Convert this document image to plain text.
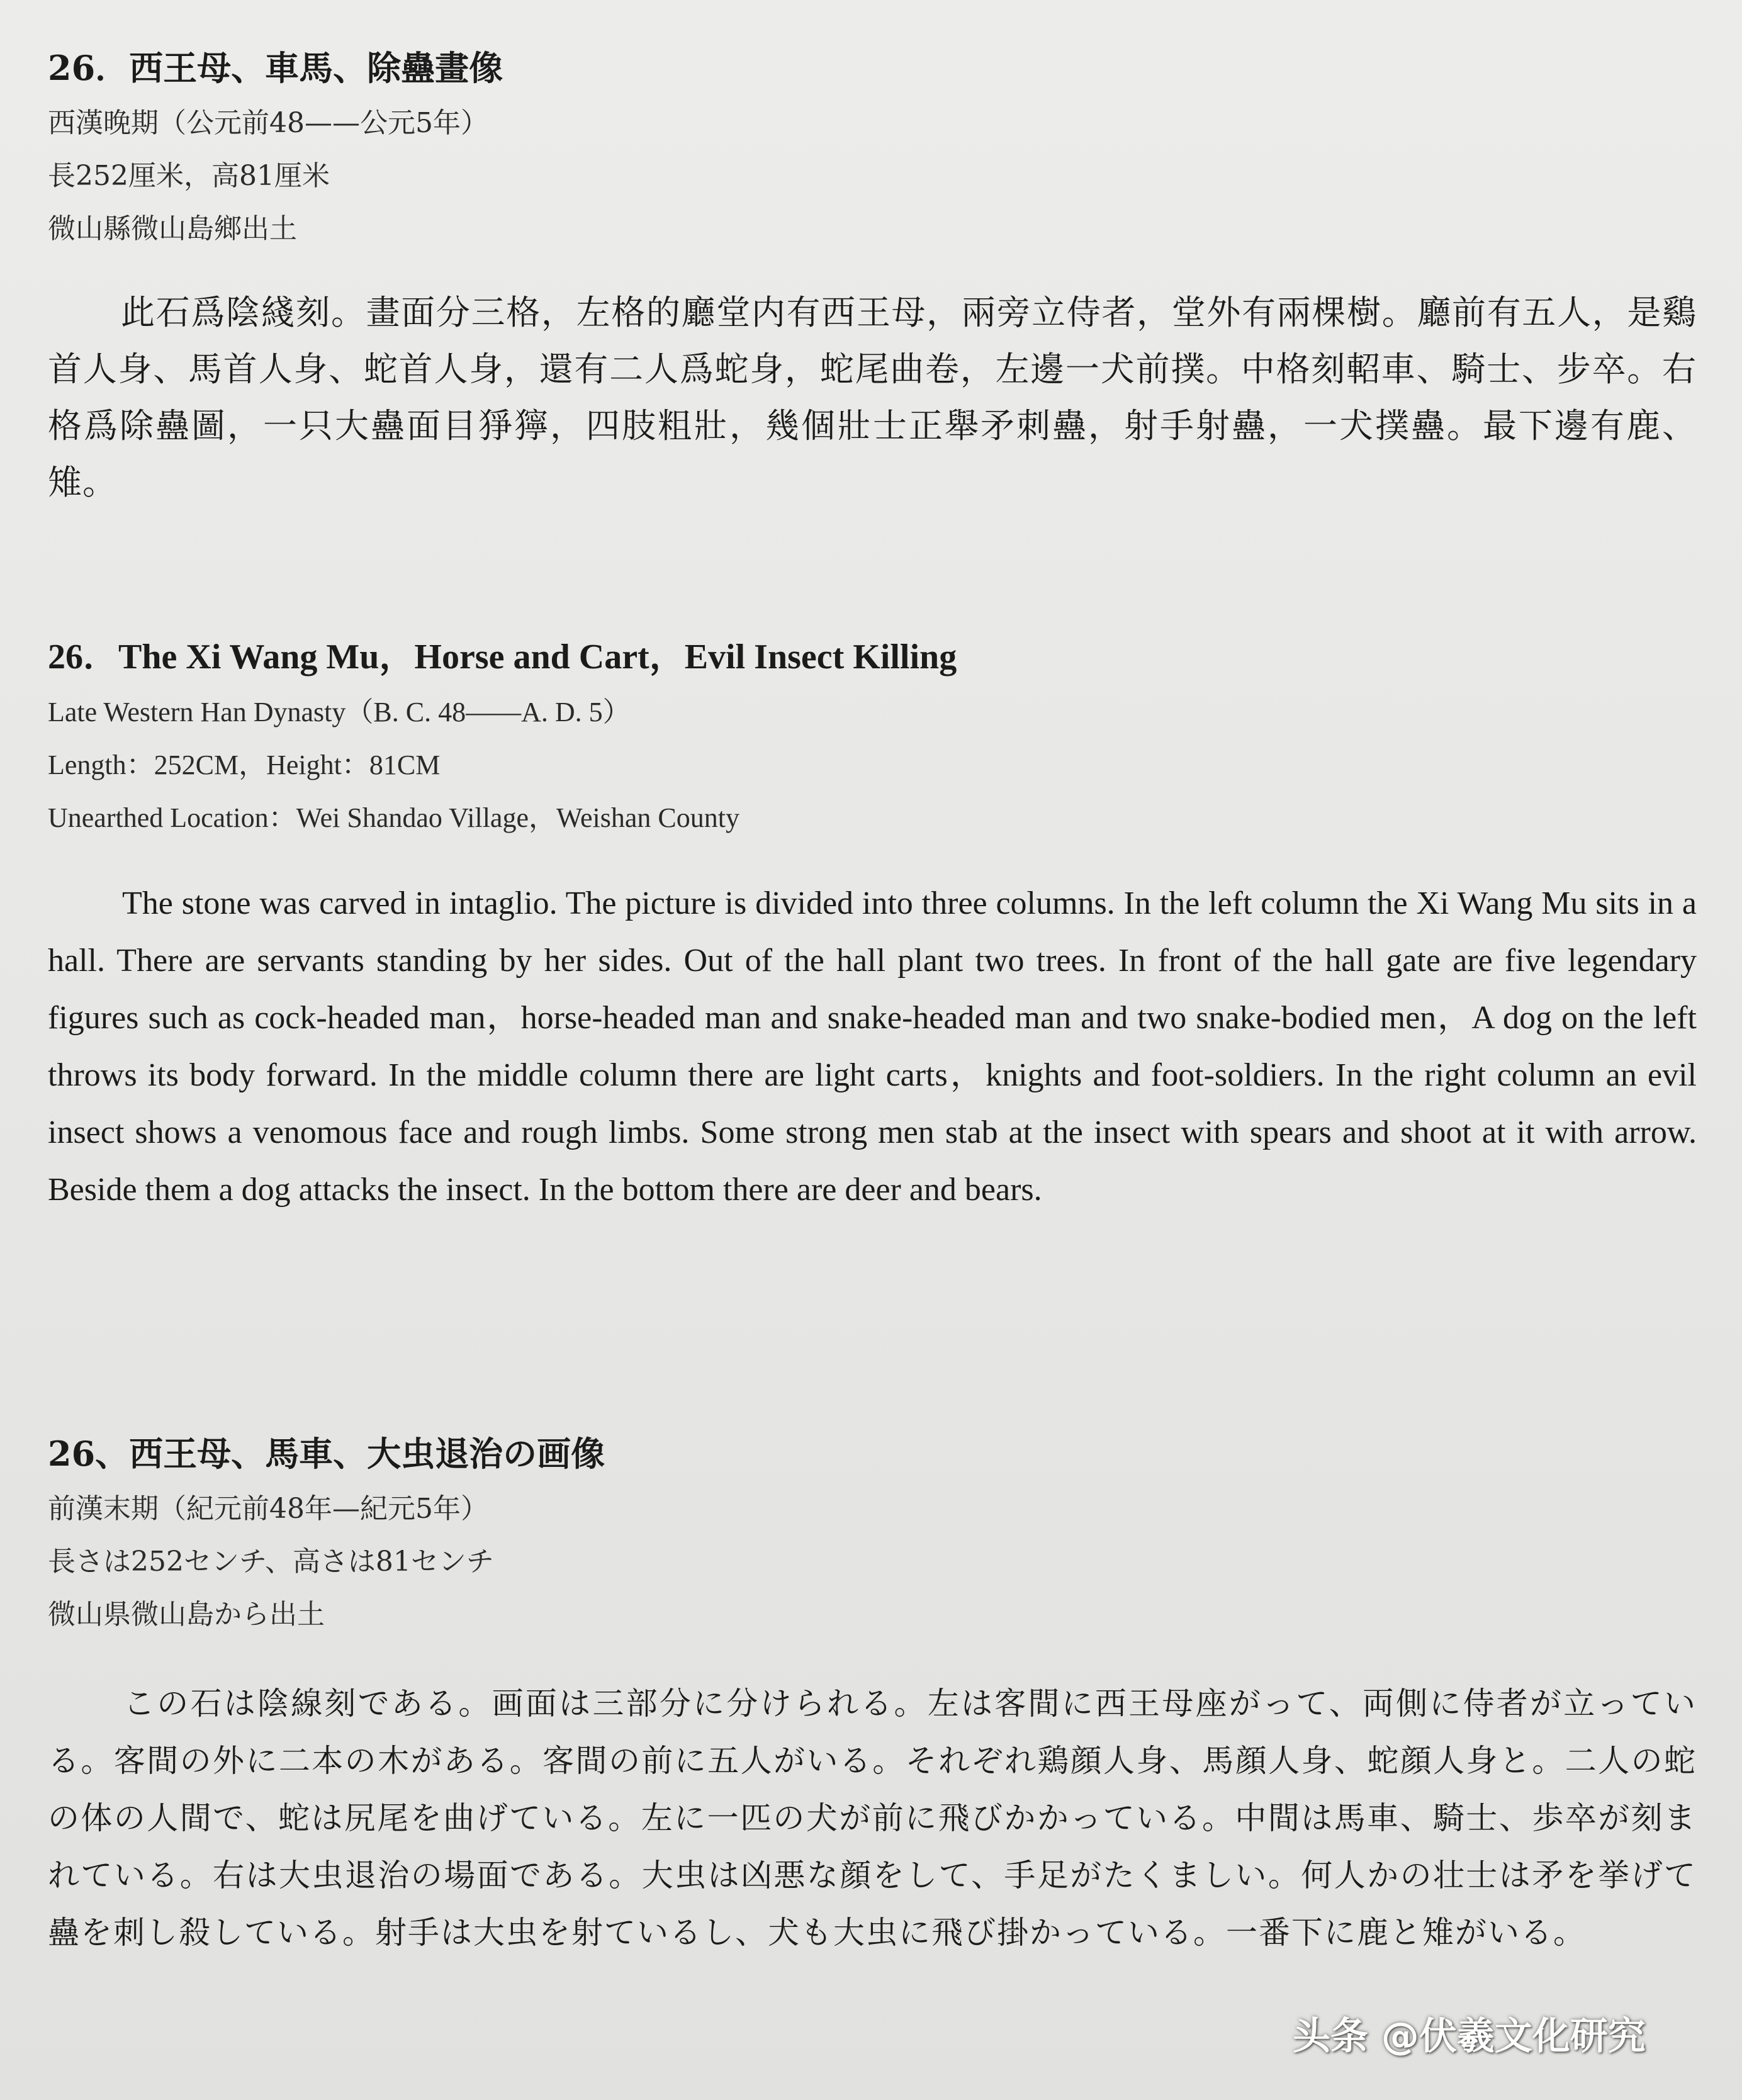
26．西王母、車馬、除蠱畫像
西漢晚期（公元前48——公元5年）
長252厘米，高81厘米
微山縣微山島鄉出土

此石爲陰綫刻。畫面分三格，左格的廳堂内有西王母，兩旁立侍者，堂外有兩棵樹。廳前有五人，是鷄首人身、馬首人身、蛇首人身，還有二人爲蛇身，蛇尾曲卷，左邊一犬前撲。中格刻軺車、騎士、步卒。右格爲除蠱圖，一只大蠱面目猙獰，四肢粗壯，幾個壯士正舉矛刺蠱，射手射蠱，一犬撲蠱。最下邊有鹿、雉。

26．The Xi Wang Mu，Horse and Cart，Evil Insect Killing
Late Western Han Dynasty（B. C. 48——A. D. 5）
Length：252CM，Height：81CM
Unearthed Location：Wei Shandao Village，Weishan County

The stone was carved in intaglio. The picture is divided into three columns. In the left column the Xi Wang Mu sits in a hall. There are servants standing by her sides. Out of the hall plant two trees. In front of the hall gate are five legendary figures such as cock-headed man，horse-headed man and snake-headed man and two snake-bodied men，A dog on the left throws its body forward. In the middle column there are light carts，knights and foot-soldiers. In the right column an evil insect shows a venomous face and rough limbs. Some strong men stab at the insect with spears and shoot at it with arrow. Beside them a dog attacks the insect. In the bottom there are deer and bears.

26、西王母、馬車、大虫退治の画像
前漢末期（紀元前48年—紀元5年）
長さは252センチ、高さは81センチ
微山県微山島から出土

この石は陰線刻である。画面は三部分に分けられる。左は客間に西王母座がって、両側に侍者が立っている。客間の外に二本の木がある。客間の前に五人がいる。それぞれ鶏顔人身、馬顔人身、蛇顔人身と。二人の蛇の体の人間で、蛇は尻尾を曲げている。左に一匹の犬が前に飛びかかっている。中間は馬車、騎士、歩卒が刻まれている。右は大虫退治の場面である。大虫は凶悪な顔をして、手足がたくましい。何人かの壮士は矛を挙げて蠱を刺し殺している。射手は大虫を射ているし、犬も大虫に飛び掛かっている。一番下に鹿と雉がいる。

头条 @伏羲文化研究
